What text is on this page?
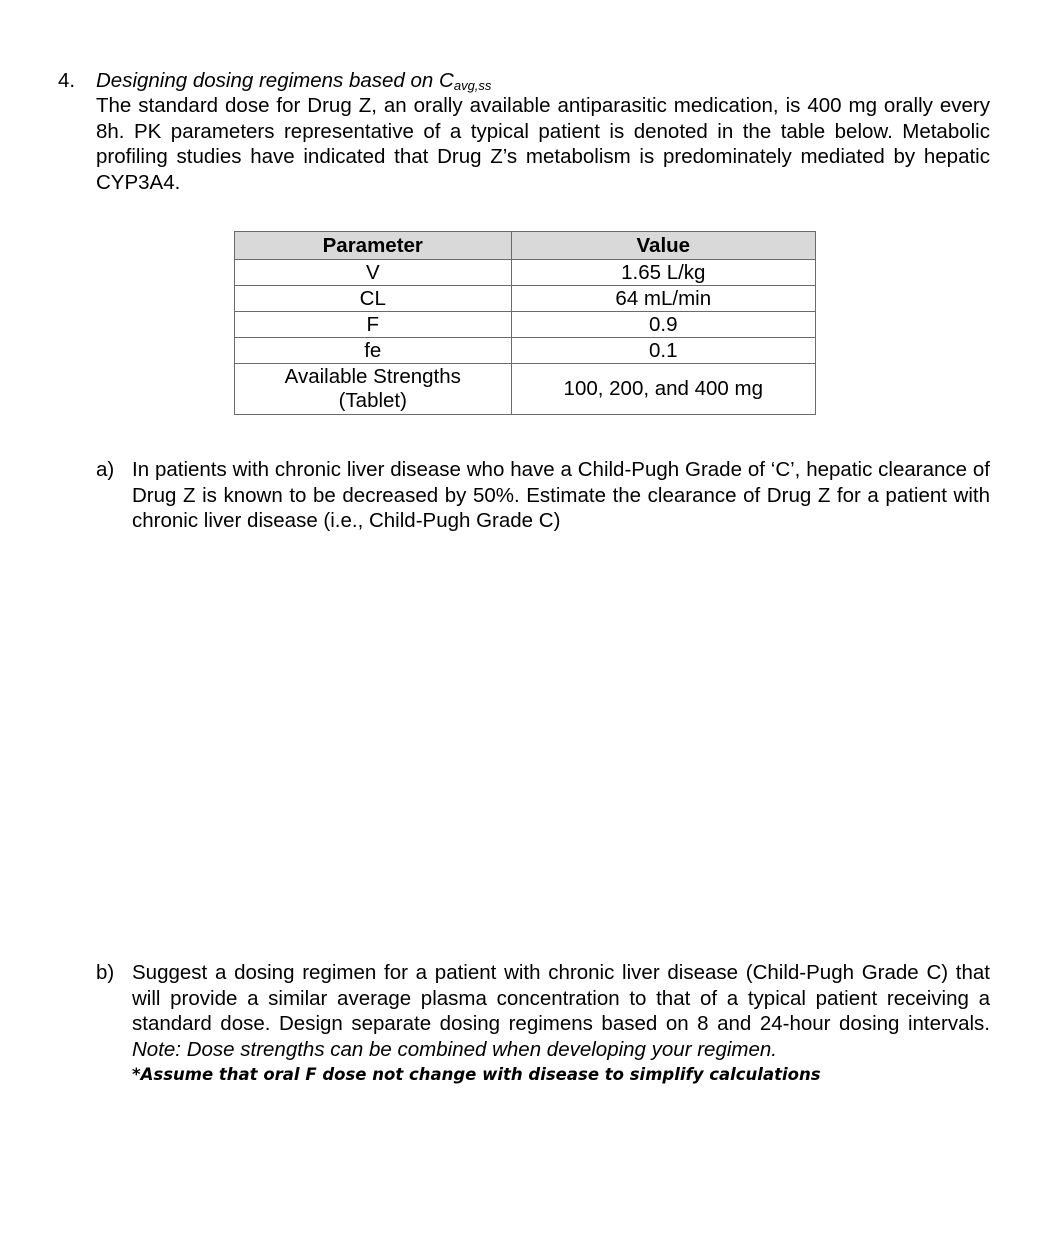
4. Designing dosing regimens based on $C_{avg,ss}$
The standard dose for Drug Z, an orally available antiparasitic medication, is 400 mg orally every 8h. PK parameters representative of a typical patient is denoted in the table below. Metabolic profiling studies have indicated that Drug Z’s metabolism is predominately mediated by hepatic CYP3A4.
Parameter	Value
V	1.65 L/kg
CL	64 mL/min
F	0.9
fe	0.1
Available Strengths
(Tablet)	100, 200, and 400 mg
a) In patients with chronic liver disease who have a Child-Pugh Grade of ‘C’, hepatic clearance of Drug Z is known to be decreased by 50%. Estimate the clearance of Drug Z for a patient with chronic liver disease (i.e., Child-Pugh Grade C)
b) Suggest a dosing regimen for a patient with chronic liver disease (Child-Pugh Grade C) that will provide a similar average plasma concentration to that of a typical patient receiving a standard dose. Design separate dosing regimens based on 8 and 24-hour dosing intervals. Note: Dose strengths can be combined when developing your regimen.
*Assume that oral F dose not change with disease to simplify calculations
